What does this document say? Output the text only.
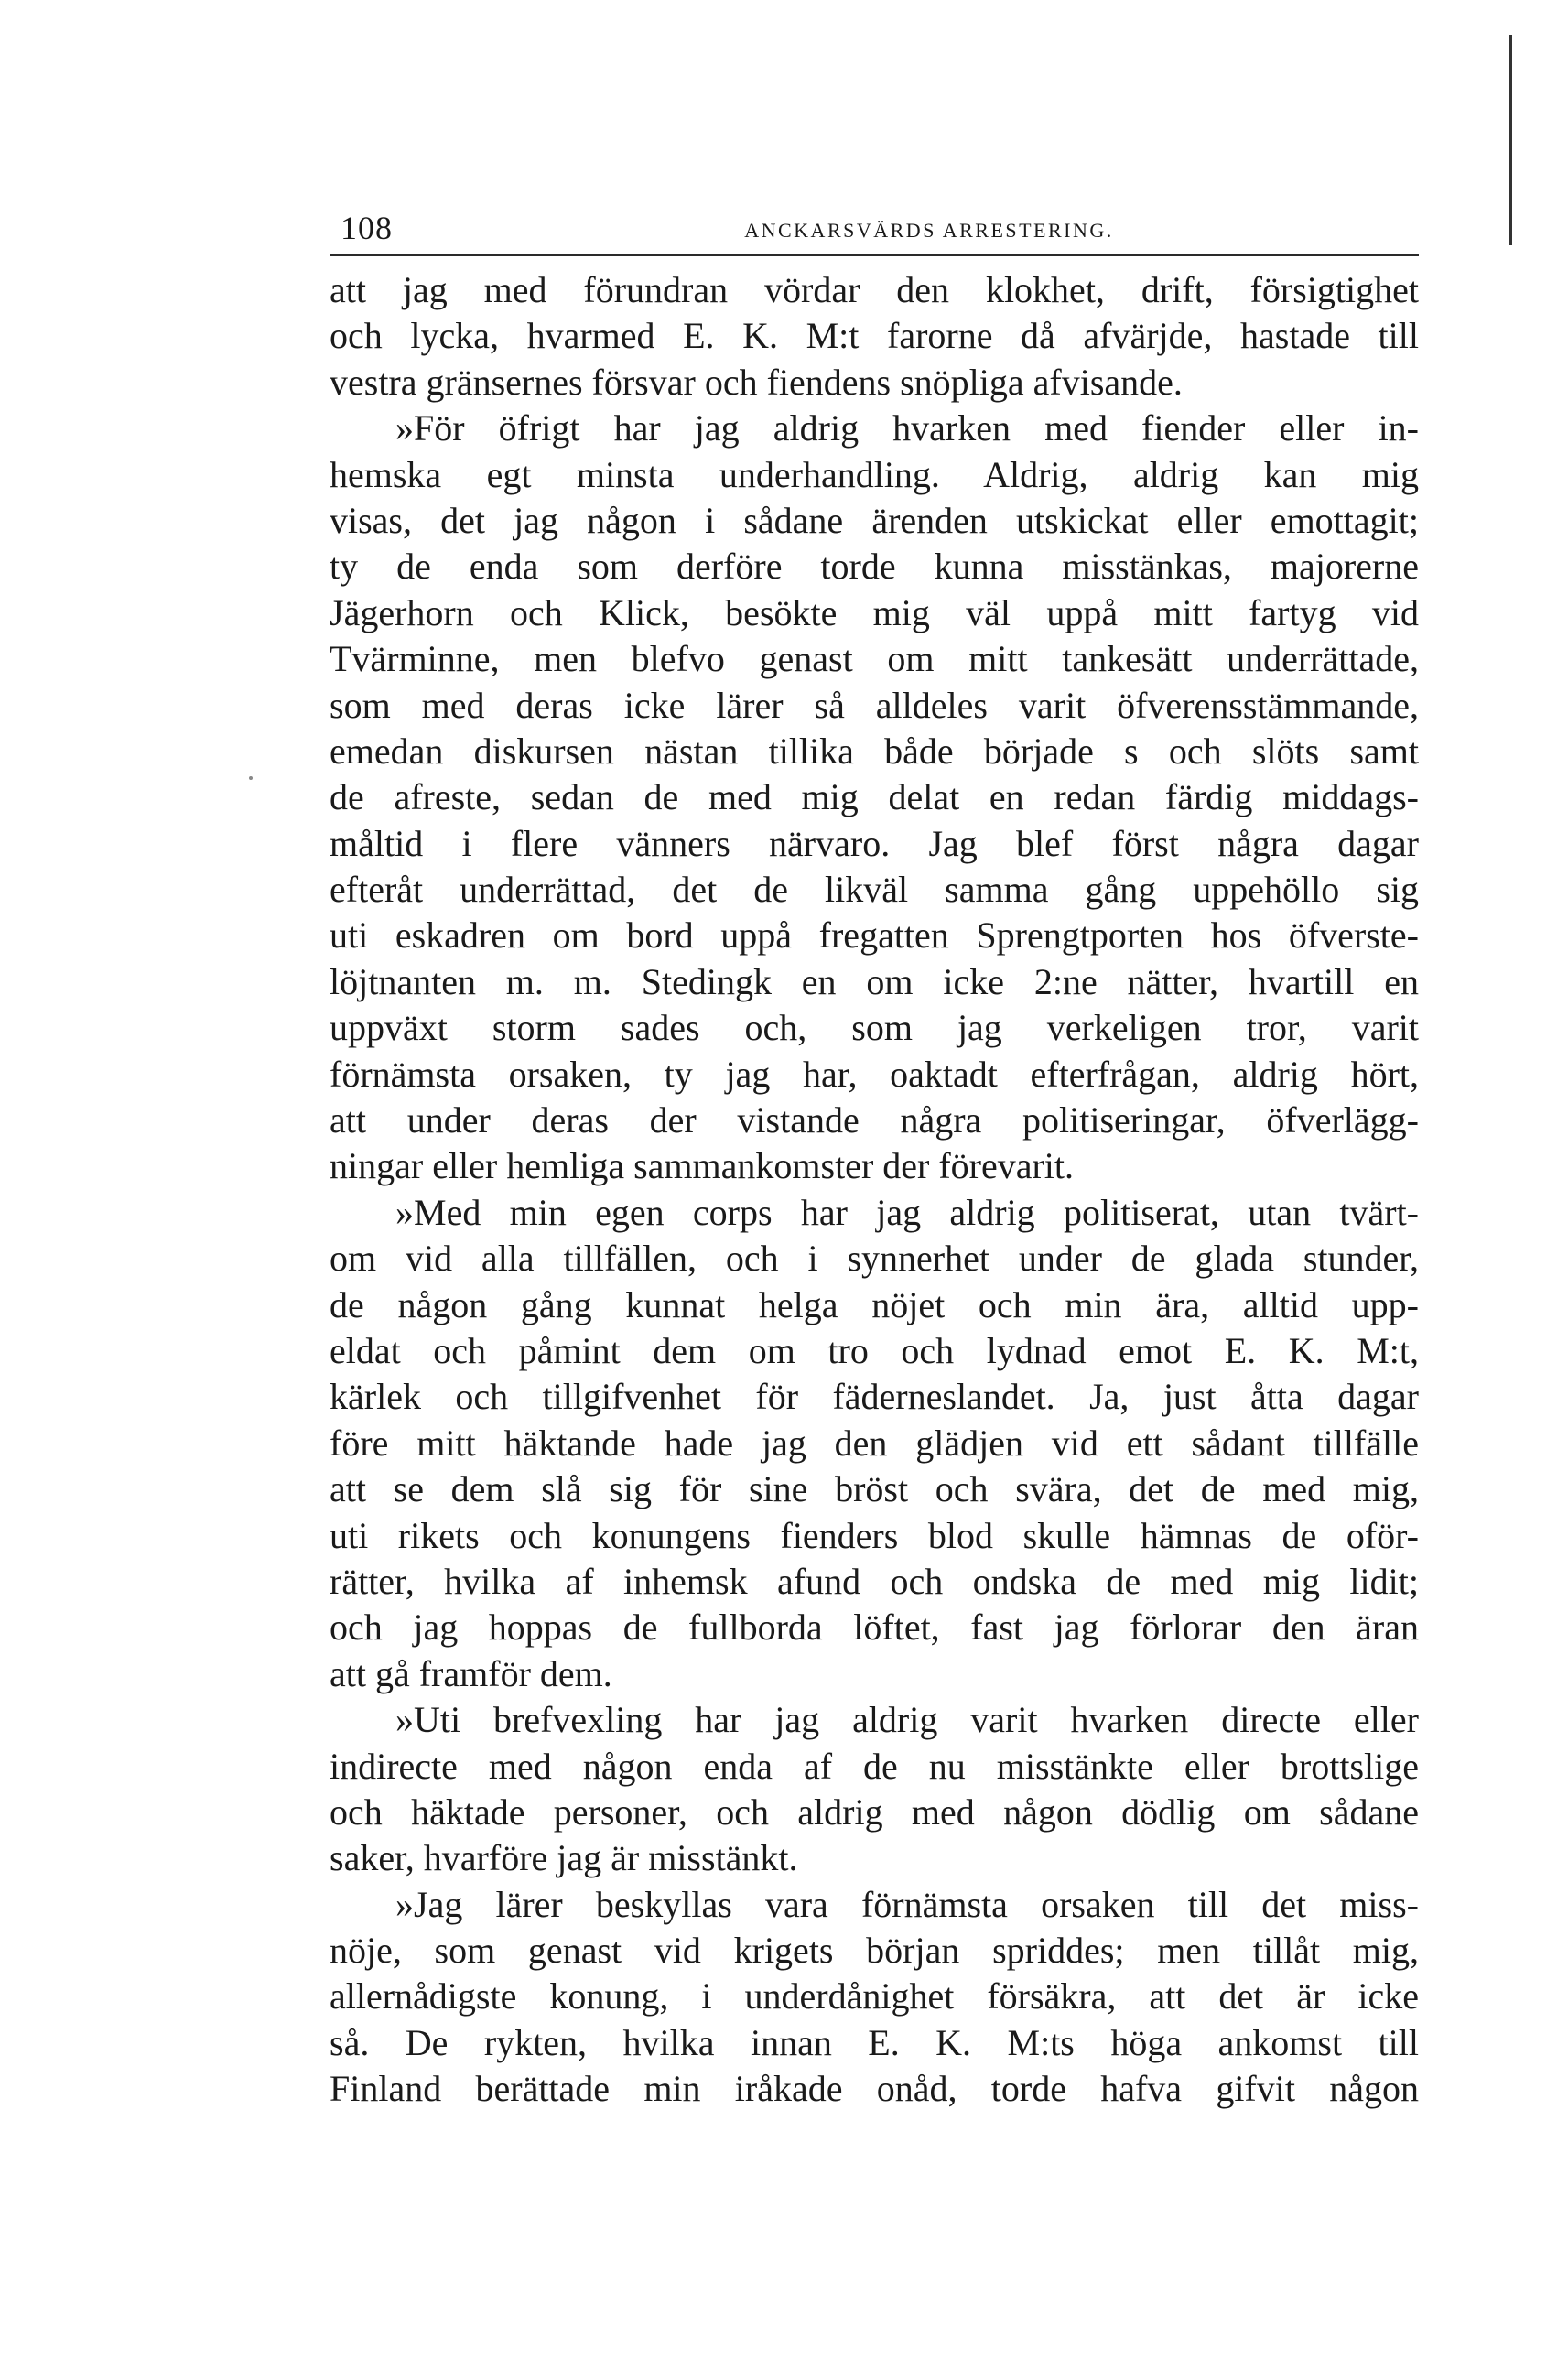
108	ANCKARSVÄRDS ARRESTERING.
att jag med förundran vördar den klokhet, drift, försigtighet
och lycka, hvarmed E. K. M:t farorne då afvärjde, hastade till
vestra gränsernes försvar och fiendens snöpliga afvisande.
»För öfrigt har jag aldrig hvarken med fiender eller in-
hemska egt minsta underhandling. Aldrig, aldrig kan mig
visas, det jag någon i sådane ärenden utskickat eller emottagit;
ty de enda som derföre torde kunna misstänkas, majorerne
Jägerhorn och Klick, besökte mig väl uppå mitt fartyg vid
Tvärminne, men blefvo genast om mitt tankesätt underrättade,
som med deras icke lärer så alldeles varit öfverensstämmande,
emedan diskursen nästan tillika både började s och slöts samt
de afreste, sedan de med mig delat en redan färdig middags-
måltid i flere vänners närvaro. Jag blef först några dagar
efteråt underrättad, det de likväl samma gång uppehöllo sig
uti eskadren om bord uppå fregatten Sprengtporten hos öfverste-
löjtnanten m. m. Stedingk en om icke 2:ne nätter, hvartill en
uppväxt storm sades och, som jag verkeligen tror, varit
förnämsta orsaken, ty jag har, oaktadt efterfrågan, aldrig hört,
att under deras der vistande några politiseringar, öfverlägg-
ningar eller hemliga sammankomster der förevarit.
»Med min egen corps har jag aldrig politiserat, utan tvärt-
om vid alla tillfällen, och i synnerhet under de glada stunder,
de någon gång kunnat helga nöjet och min ära, alltid upp-
eldat och påmint dem om tro och lydnad emot E. K. M:t,
kärlek och tillgifvenhet för fäderneslandet. Ja, just åtta dagar
före mitt häktande hade jag den glädjen vid ett sådant tillfälle
att se dem slå sig för sine bröst och svära, det de med mig,
uti rikets och konungens fienders blod skulle hämnas de oför-
rätter, hvilka af inhemsk afund och ondska de med mig lidit;
och jag hoppas de fullborda löftet, fast jag förlorar den äran
att gå framför dem.
»Uti brefvexling har jag aldrig varit hvarken directe eller
indirecte med någon enda af de nu misstänkte eller brottslige
och häktade personer, och aldrig med någon dödlig om sådane
saker, hvarföre jag är misstänkt.
»Jag lärer beskyllas vara förnämsta orsaken till det miss-
nöje, som genast vid krigets början spriddes; men tillåt mig,
allernådigste konung, i underdånighet försäkra, att det är icke
så. De rykten, hvilka innan E. K. M:ts höga ankomst till
Finland berättade min iråkade onåd, torde hafva gifvit någon
